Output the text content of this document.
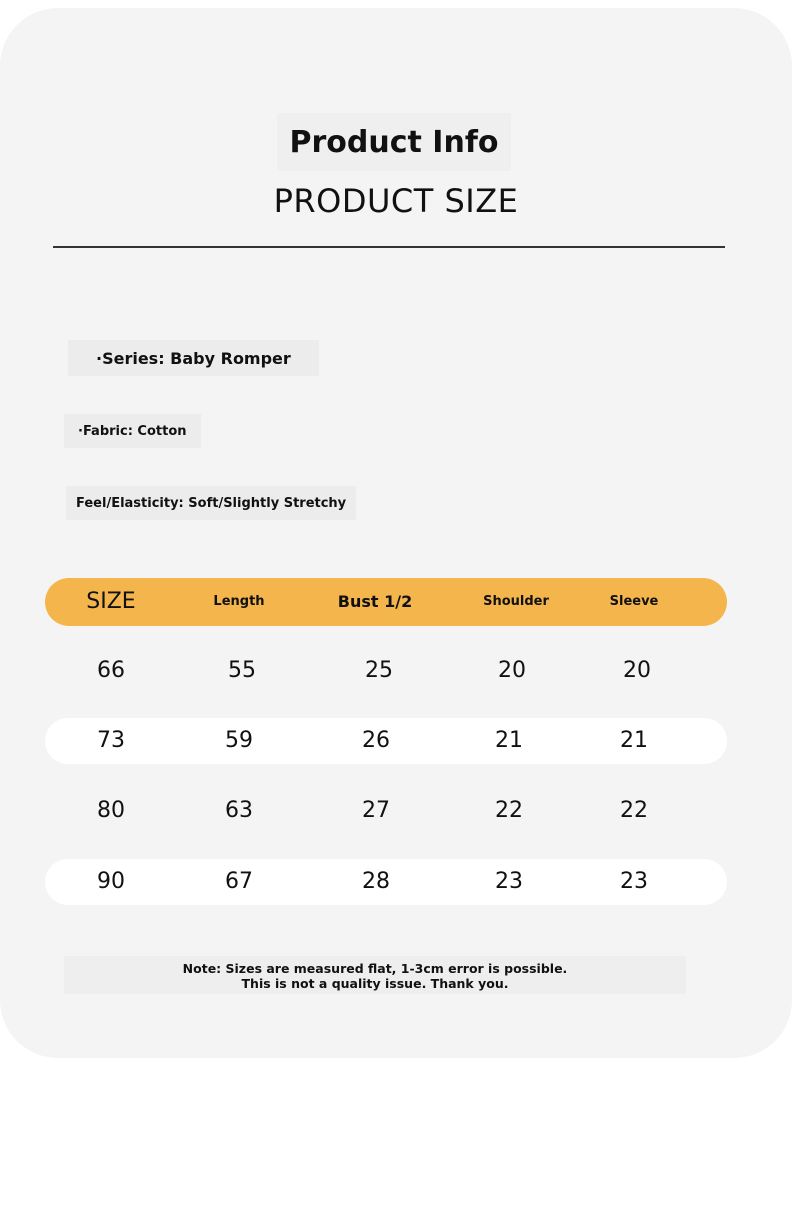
Product Info
PRODUCT SIZE
·Series: Baby Romper
·Fabric: Cotton
Feel/Elasticity: Soft/Slightly Stretchy
SIZE	Length	Bust 1/2	Shoulder	Sleeve
66	55	25	20	20
73	59	26	21	21
80	63	27	22	22
90	67	28	23	23
Note: Sizes are measured flat, 1-3cm error is possible.
This is not a quality issue. Thank you.
